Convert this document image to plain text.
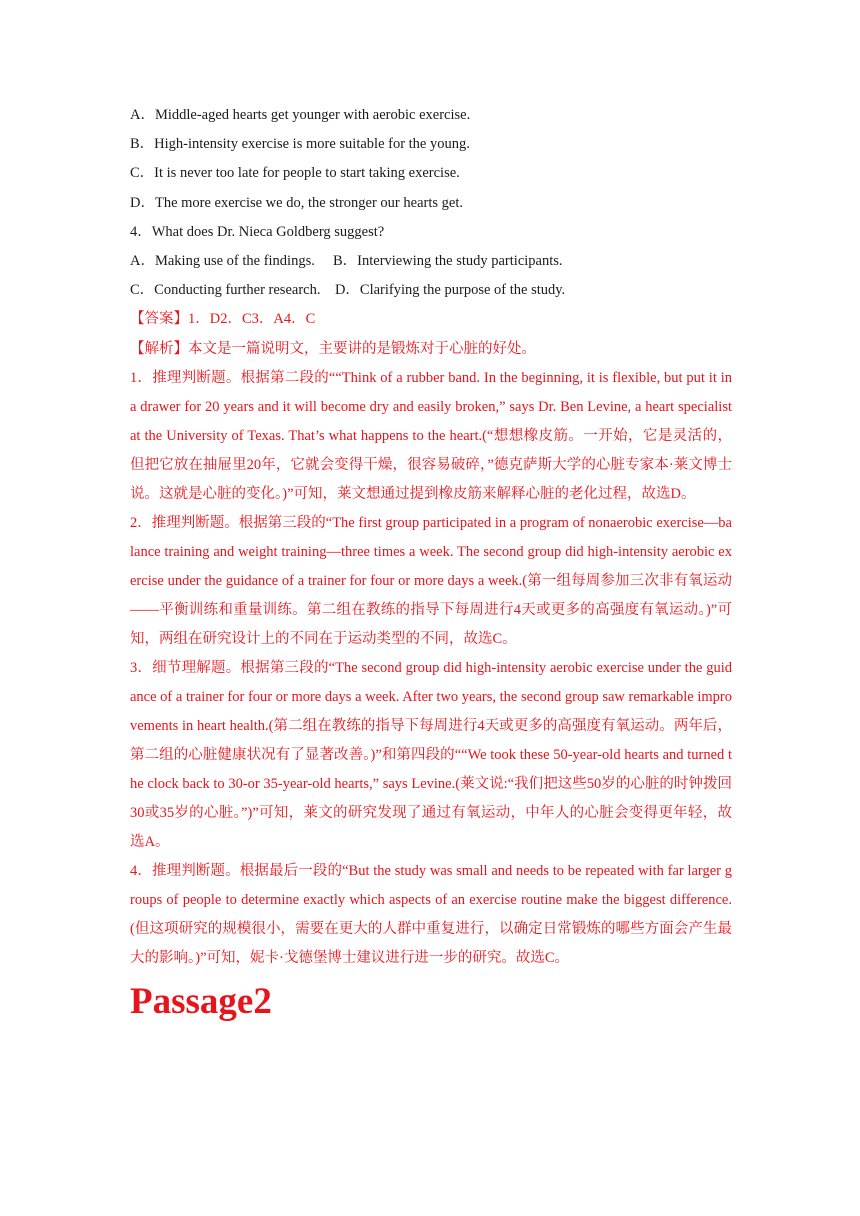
A．Middle-aged hearts get younger with aerobic exercise.

B．High-intensity exercise is more suitable for the young.

C．It is never too late for people to start taking exercise.

D．The more exercise we do, the stronger our hearts get.

4．What does Dr. Nieca Goldberg suggest?

A．Making use of the findings.　 B．Interviewing the study participants.

C．Conducting further research.　D．Clarifying the purpose of the study.

【答案】1．D2．C3．A4．C

【解析】本文是一篇说明文，主要讲的是锻炼对于心脏的好处。

1．推理判断题。根据第二段的““Think of a rubber band. In the beginning, it is flexible, but put it in a drawer for 20 years and it will become dry and easily broken,” says Dr. Ben Levine, a heart specialist at the University of Texas. That’s what happens to the heart.(“想想橡皮筋。一开始，它是灵活的，但把它放在抽屉里20年，它就会变得干燥，很容易破碎，”德克萨斯大学的心脏专家本·莱文博士说。这就是心脏的变化。)”可知，莱文想通过提到橡皮筋来解释心脏的老化过程，故选D。

2．推理判断题。根据第三段的“The first group participated in a program of nonaerobic exercise—balance training and weight training—three times a week. The second group did high-intensity aerobic exercise under the guidance of a trainer for four or more days a week.(第一组每周参加三次非有氧运动——平衡训练和重量训练。第二组在教练的指导下每周进行4天或更多的高强度有氧运动。)”可知，两组在研究设计上的不同在于运动类型的不同，故选C。

3．细节理解题。根据第三段的“The second group did high-intensity aerobic exercise under the guidance of a trainer for four or more days a week. After two years, the second group saw remarkable improvements in heart health.(第二组在教练的指导下每周进行4天或更多的高强度有氧运动。两年后，第二组的心脏健康状况有了显著改善。)”和第四段的““We took these 50-year-old hearts and turned the clock back to 30-or 35-year-old hearts,” says Levine.(莱文说:“我们把这些50岁的心脏的时钟拨回30或35岁的心脏。”)”可知，莱文的研究发现了通过有氧运动，中年人的心脏会变得更年轻，故选A。

4．推理判断题。根据最后一段的“But the study was small and needs to be repeated with far larger groups of people to determine exactly which aspects of an exercise routine make the biggest difference.(但这项研究的规模很小，需要在更大的人群中重复进行，以确定日常锻炼的哪些方面会产生最大的影响。)”可知，妮卡·戈德堡博士建议进行进一步的研究。故选C。

Passage2
